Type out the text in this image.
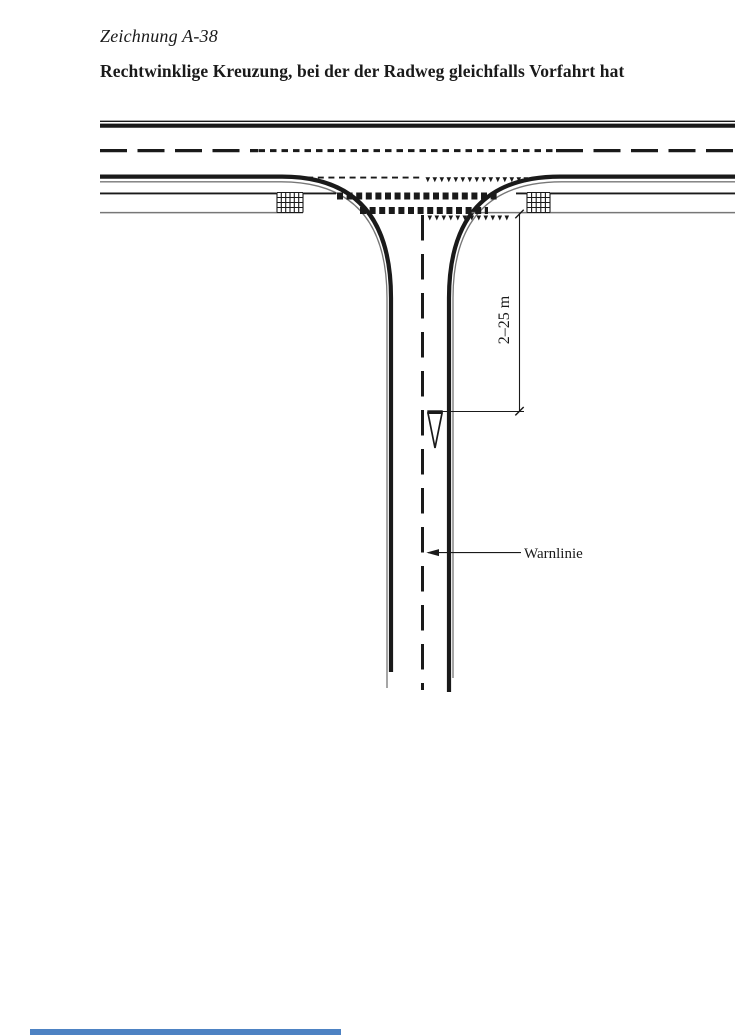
Zeichnung A-38
Rechtwinklige Kreuzung, bei der der Radweg gleichfalls Vorfahrt hat
2–25 m
Warnlinie
